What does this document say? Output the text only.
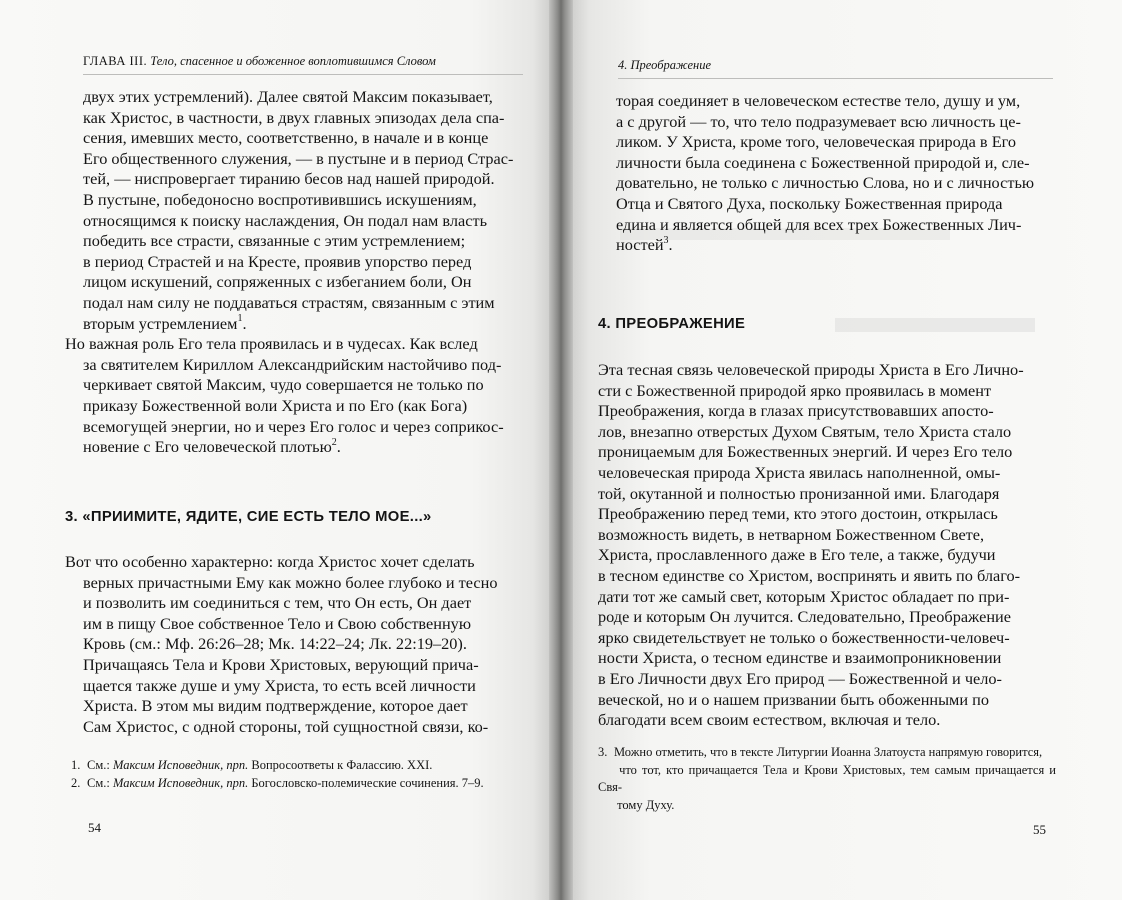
ГЛАВА III. Тело, спасенное и обоженное воплотившимся Словом

двух этих устремлений). Далее святой Максим показывает,
как Христос, в частности, в двух главных эпизодах дела спа-
сения, имевших место, соответственно, в начале и в конце
Его общественного служения, — в пустыне и в период Страс-
тей, — ниспровергает тиранию бесов над нашей природой.
В пустыне, победоносно воспротивившись искушениям,
относящимся к поиску наслаждения, Он подал нам власть
победить все страсти, связанные с этим устремлением;
в период Страстей и на Кресте, проявив упорство перед
лицом искушений, сопряженных с избеганием боли, Он
подал нам силу не поддаваться страстям, связанным с этим
вторым устремлением$^1$.

Но важная роль Его тела проявилась и в чудесах. Как вслед
за святителем Кириллом Александрийским настойчиво под-
черкивает святой Максим, чудо совершается не только по
приказу Божественной воли Христа и по Его (как Бога)
всемогущей энергии, но и через Его голос и через соприкос-
новение с Его человеческой плотью$^2$.

3. «ПРИИМИТЕ, ЯДИТЕ, СИЕ ЕСТЬ ТЕЛО МОЕ...»

Вот что особенно характерно: когда Христос хочет сделать
верных причастными Ему как можно более глубоко и тесно
и позволить им соединиться с тем, что Он есть, Он дает
им в пищу Свое собственное Тело и Свою собственную
Кровь (см.: Мф. 26:26–28; Мк. 14:22–24; Лк. 22:19–20).
Причащаясь Тела и Крови Христовых, верующий прича-
щается также душе и уму Христа, то есть всей личности
Христа. В этом мы видим подтверждение, которое дает
Сам Христос, с одной стороны, той сущностной связи, ко-

1. См.: Максим Исповедник, прп. Вопросоответы к Фалассию. XXI.

2. См.: Максим Исповедник, прп. Богословско-полемические сочинения. 7–9.

54
4. Преображение

торая соединяет в человеческом естестве тело, душу и ум,
а с другой — то, что тело подразумевает всю личность це-
ликом. У Христа, кроме того, человеческая природа в Его
личности была соединена с Божественной природой и, сле-
довательно, не только с личностью Слова, но и с личностью
Отца и Святого Духа, поскольку Божественная природа
едина и является общей для всех трех Божественных Лич-
ностей$^3$.

4. ПРЕОБРАЖЕНИЕ

Эта тесная связь человеческой природы Христа в Его Лично-
сти с Божественной природой ярко проявилась в момент
Преображения, когда в глазах присутствовавших апосто-
лов, внезапно отверстых Духом Святым, тело Христа стало
проницаемым для Божественных энергий. И через Его тело
человеческая природа Христа явилась наполненной, омы-
той, окутанной и полностью пронизанной ими. Благодаря
Преображению перед теми, кто этого достоин, открылась
возможность видеть, в нетварном Божественном Свете,
Христа, прославленного даже в Его теле, а также, будучи
в тесном единстве со Христом, воспринять и явить по благо-
дати тот же самый свет, которым Христос обладает по при-
роде и которым Он лучится. Следовательно, Преображение
ярко свидетельствует не только о божественности-человеч-
ности Христа, о тесном единстве и взаимопроникновении
в Его Личности двух Его природ — Божественной и чело-
веческой, но и о нашем призвании быть обоженными по
благодати всем своим естеством, включая и тело.

3. Можно отметить, что в тексте Литургии Иоанна Златоуста напрямую говорится,
что тот, кто причащается Тела и Крови Христовых, тем самым причащается и Свя-
тому Духу.

55
